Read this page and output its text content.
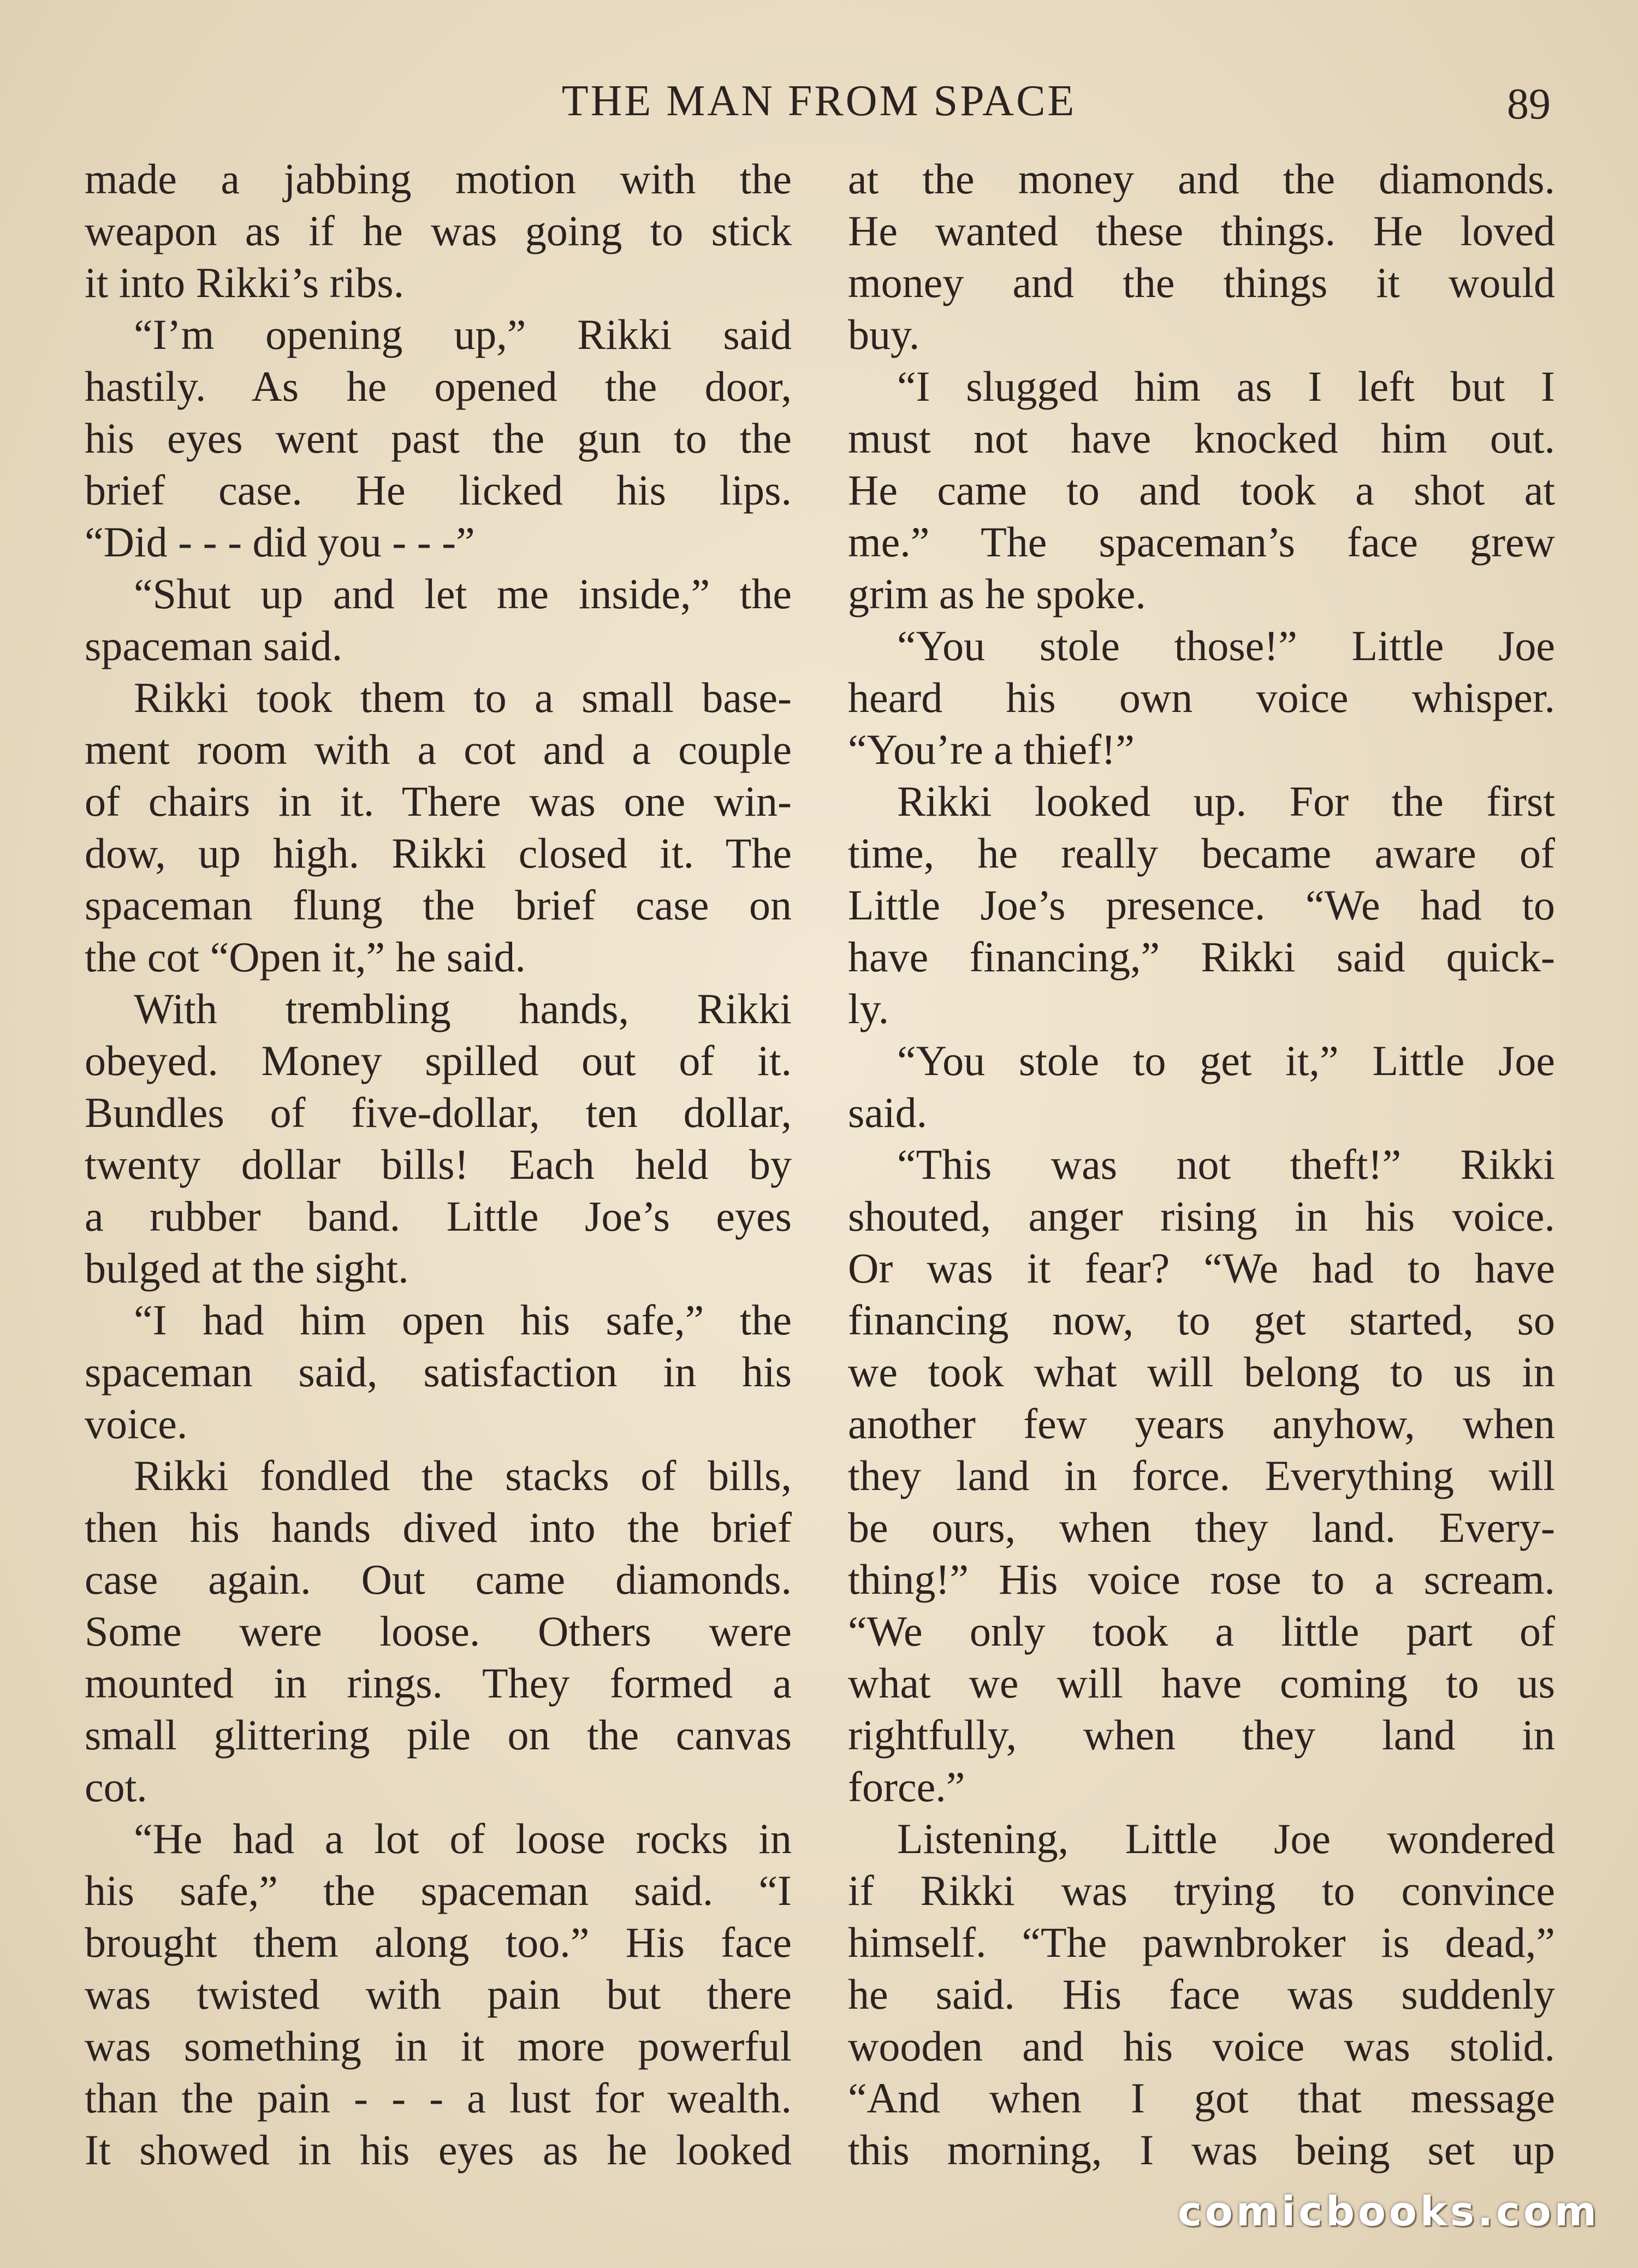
THE MAN FROM SPACE	89
made a jabbing motion with the
weapon as if he was going to stick
it into Rikki’s ribs.
“I’m opening up,” Rikki said
hastily. As he opened the door,
his eyes went past the gun to the
brief case. He licked his lips.
“Did - - - did you - - -”
“Shut up and let me inside,” the
spaceman said.
Rikki took them to a small base-
ment room with a cot and a couple
of chairs in it. There was one win-
dow, up high. Rikki closed it. The
spaceman flung the brief case on
the cot “Open it,” he said.
With trembling hands, Rikki
obeyed. Money spilled out of it.
Bundles of five-dollar, ten dollar,
twenty dollar bills! Each held by
a rubber band. Little Joe’s eyes
bulged at the sight.
“I had him open his safe,” the
spaceman said, satisfaction in his
voice.
Rikki fondled the stacks of bills,
then his hands dived into the brief
case again. Out came diamonds.
Some were loose. Others were
mounted in rings. They formed a
small glittering pile on the canvas
cot.
“He had a lot of loose rocks in
his safe,” the spaceman said. “I
brought them along too.” His face
was twisted with pain but there
was something in it more powerful
than the pain - - - a lust for wealth.
It showed in his eyes as he looked
at the money and the diamonds.
He wanted these things. He loved
money and the things it would
buy.
“I slugged him as I left but I
must not have knocked him out.
He came to and took a shot at
me.” The spaceman’s face grew
grim as he spoke.
“You stole those!” Little Joe
heard his own voice whisper.
“You’re a thief!”
Rikki looked up. For the first
time, he really became aware of
Little Joe’s presence. “We had to
have financing,” Rikki said quick-
ly.
“You stole to get it,” Little Joe
said.
“This was not theft!” Rikki
shouted, anger rising in his voice.
Or was it fear? “We had to have
financing now, to get started, so
we took what will belong to us in
another few years anyhow, when
they land in force. Everything will
be ours, when they land. Every-
thing!” His voice rose to a scream.
“We only took a little part of
what we will have coming to us
rightfully, when they land in
force.”
Listening, Little Joe wondered
if Rikki was trying to convince
himself. “The pawnbroker is dead,”
he said. His face was suddenly
wooden and his voice was stolid.
“And when I got that message
this morning, I was being set up
comicbooks.com
